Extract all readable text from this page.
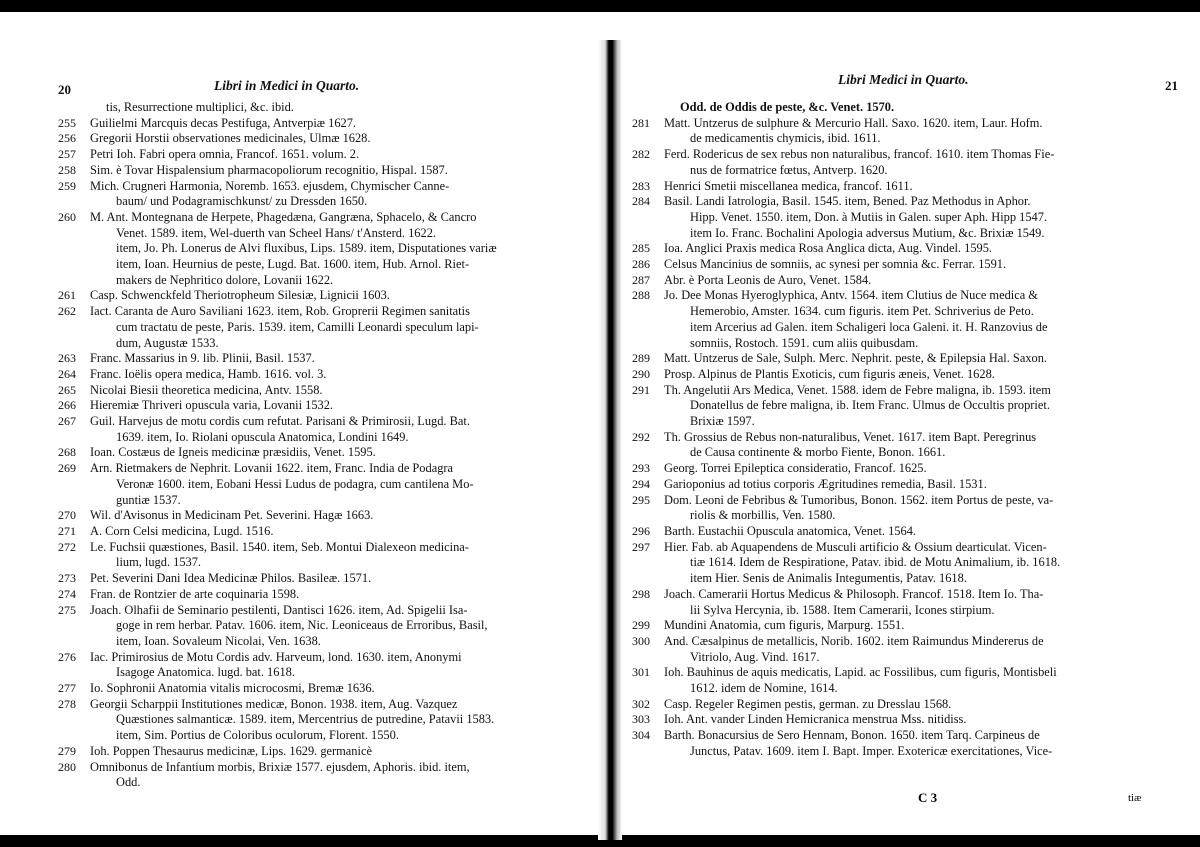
20	Libri in Medici in Quarto.
tis, Resurrectione multiplici, &c. ibid.
255	Guilielmi Marcquis decas Pestifuga, Antverpiæ 1627.
256	Gregorii Horstii observationes medicinales, Ulmæ 1628.
257	Petri Ioh. Fabri opera omnia, Francof. 1651. volum. 2.
258	Sim. è Tovar Hispalensium pharmacopoliorum recognitio, Hispal. 1587.
259	Mich. Crugneri Harmonia, Noremb. 1653. ejusdem, Chymischer Canne-
baum/ und Podagramischkunst/ zu Dressden 1650.
260	M. Ant. Montegnana de Herpete, Phagedæna, Gangræna, Sphacelo, & Cancro
Venet. 1589. item, Wel-duerth van Scheel Hans/ t'Ansterd. 1622.
item, Jo. Ph. Lonerus de Alvi fluxibus, Lips. 1589. item, Disputationes variæ
item, Ioan. Heurnius de peste, Lugd. Bat. 1600. item, Hub. Arnol. Riet-
makers de Nephritico dolore, Lovanii 1622.
261	Casp. Schwenckfeld Theriotropheum Silesiæ, Lignicii 1603.
262	Iact. Caranta de Auro Saviliani 1623. item, Rob. Groprerii Regimen sanitatis
cum tractatu de peste, Paris. 1539. item, Camilli Leonardi speculum lapi-
dum, Augustæ 1533.
263	Franc. Massarius in 9. lib. Plinii, Basil. 1537.
264	Franc. Ioëlis opera medica, Hamb. 1616. vol. 3.
265	Nicolai Biesii theoretica medicina, Antv. 1558.
266	Hieremiæ Thriveri opuscula varia, Lovanii 1532.
267	Guil. Harvejus de motu cordis cum refutat. Parisani & Primirosii, Lugd. Bat.
1639. item, Io. Riolani opuscula Anatomica, Londini 1649.
268	Ioan. Costæus de Igneis medicinæ præsidiis, Venet. 1595.
269	Arn. Rietmakers de Nephrit. Lovanii 1622. item, Franc. India de Podagra
Veronæ 1600. item, Eobani Hessi Ludus de podagra, cum cantilena Mo-
guntiæ 1537.
270	Wil. d'Avisonus in Medicinam Pet. Severini. Hagæ 1663.
271	A. Corn Celsi medicina, Lugd. 1516.
272	Le. Fuchsii quæstiones, Basil. 1540. item, Seb. Montui Dialexeon medicina-
lium, lugd. 1537.
273	Pet. Severini Dani Idea Medicinæ Philos. Basileæ. 1571.
274	Fran. de Rontzier de arte coquinaria 1598.
275	Joach. Olhafii de Seminario pestilenti, Dantisci 1626. item, Ad. Spigelii Isa-
goge in rem herbar. Patav. 1606. item, Nic. Leoniceaus de Erroribus, Basil,
item, Ioan. Sovaleum Nicolai, Ven. 1638.
276	Iac. Primirosius de Motu Cordis adv. Harveum, lond. 1630. item, Anonymi
Isagoge Anatomica. lugd. bat. 1618.
277	Io. Sophronii Anatomia vitalis microcosmi, Bremæ 1636.
278	Georgii Scharppii Institutiones medicæ, Bonon. 1938. item, Aug. Vazquez
Quæstiones salmanticæ. 1589. item, Mercentrius de putredine, Patavii 1583.
item, Sim. Portius de Coloribus oculorum, Florent. 1550.
279	Ioh. Poppen Thesaurus medicinæ, Lips. 1629. germanicè
280	Omnibonus de Infantium morbis, Brixiæ 1577. ejusdem, Aphoris. ibid. item,
Odd.
Libri Medici in Quarto.	21
Odd. de Oddis de peste, &c. Venet. 1570.
281	Matt. Untzerus de sulphure & Mercurio Hall. Saxo. 1620. item, Laur. Hofm.
de medicamentis chymicis, ibid. 1611.
282	Ferd. Rodericus de sex rebus non naturalibus, francof. 1610. item Thomas Fie-
nus de formatrice fœtus, Antverp. 1620.
283	Henrici Smetii miscellanea medica, francof. 1611.
284	Basil. Landi Iatrologia, Basil. 1545. item, Bened. Paz Methodus in Aphor.
Hipp. Venet. 1550. item, Don. à Mutiis in Galen. super Aph. Hipp 1547.
item Io. Franc. Bochalini Apologia adversus Mutium, &c. Brixiæ 1549.
285	Ioa. Anglici Praxis medica Rosa Anglica dicta, Aug. Vindel. 1595.
286	Celsus Mancinius de somniis, ac synesi per somnia &c. Ferrar. 1591.
287	Abr. è Porta Leonis de Auro, Venet. 1584.
288	Jo. Dee Monas Hyeroglyphica, Antv. 1564. item Clutius de Nuce medica &
Hemerobio, Amster. 1634. cum figuris. item Pet. Schriverius de Peto.
item Arcerius ad Galen. item Schaligeri loca Galeni. it. H. Ranzovius de
somniis, Rostoch. 1591. cum aliis quibusdam.
289	Matt. Untzerus de Sale, Sulph. Merc. Nephrit. peste, & Epilepsia Hal. Saxon.
290	Prosp. Alpinus de Plantis Exoticis, cum figuris æneis, Venet. 1628.
291	Th. Angelutii Ars Medica, Venet. 1588. idem de Febre maligna, ib. 1593. item
Donatellus de febre maligna, ib. Item Franc. Ulmus de Occultis propriet.
Brixiæ 1597.
292	Th. Grossius de Rebus non-naturalibus, Venet. 1617. item Bapt. Peregrinus
de Causa continente & morbo Fiente, Bonon. 1661.
293	Georg. Torrei Epileptica consideratio, Francof. 1625.
294	Garioponius ad totius corporis Ægritudines remedia, Basil. 1531.
295	Dom. Leoni de Febribus & Tumoribus, Bonon. 1562. item Portus de peste, va-
riolis & morbillis, Ven. 1580.
296	Barth. Eustachii Opuscula anatomica, Venet. 1564.
297	Hier. Fab. ab Aquapendens de Musculi artificio & Ossium dearticulat. Vicen-
tiæ 1614. Idem de Respiratione, Patav. ibid. de Motu Animalium, ib. 1618.
item Hier. Senis de Animalis Integumentis, Patav. 1618.
298	Joach. Camerarii Hortus Medicus & Philosoph. Francof. 1518. Item Io. Tha-
lii Sylva Hercynia, ib. 1588. Item Camerarii, Icones stirpium.
299	Mundini Anatomia, cum figuris, Marpurg. 1551.
300	And. Cæsalpinus de metallicis, Norib. 1602. item Raimundus Mindererus de
Vitriolo, Aug. Vind. 1617.
301	Ioh. Bauhinus de aquis medicatis, Lapid. ac Fossilibus, cum figuris, Montisbeli
1612. idem de Nomine, 1614.
302	Casp. Regeler Regimen pestis, german. zu Dresslau 1568.
303	Ioh. Ant. vander Linden Hemicranica menstrua Mss. nitidiss.
304	Barth. Bonacursius de Sero Hennam, Bonon. 1650. item Tarq. Carpineus de
Junctus, Patav. 1609. item I. Bapt. Imper. Exotericæ exercitationes, Vice-
C 3	tiæ
